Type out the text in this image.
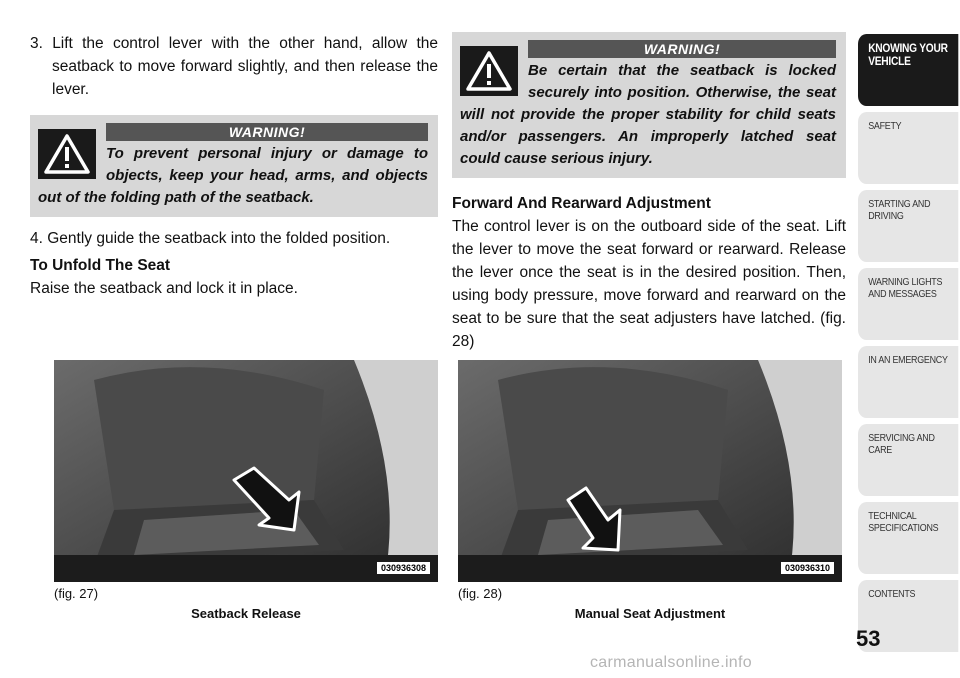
3. Lift the control lever with the other hand, allow the seatback to move forward slightly, and then release the lever.

WARNING!
To prevent personal injury or damage to objects, keep your head, arms, and objects out of the folding path of the seatback.

4. Gently guide the seatback into the folded position.

To Unfold The Seat

Raise the seatback and lock it in place.

WARNING!
Be certain that the seatback is locked securely into position. Otherwise, the seat will not provide the proper stability for child seats and/or passengers. An improperly latched seat could cause serious injury.
Forward And Rearward Adjustment

The control lever is on the outboard side of the seat. Lift the lever to move the seat forward or rearward. Release the lever once the seat is in the desired position. Then, using body pressure, move forward and rearward on the seat to be sure that the seat adjusters have latched. (fig. 28)

030936308
(fig. 27)
Seatback Release
030936310
(fig. 28)
Manual Seat Adjustment
KNOWING YOUR VEHICLE
SAFETY
STARTING AND DRIVING
WARNING LIGHTS AND MESSAGES
IN AN EMERGENCY
SERVICING AND CARE
TECHNICAL SPECIFICATIONS
CONTENTS
53
carmanualsonline.info
